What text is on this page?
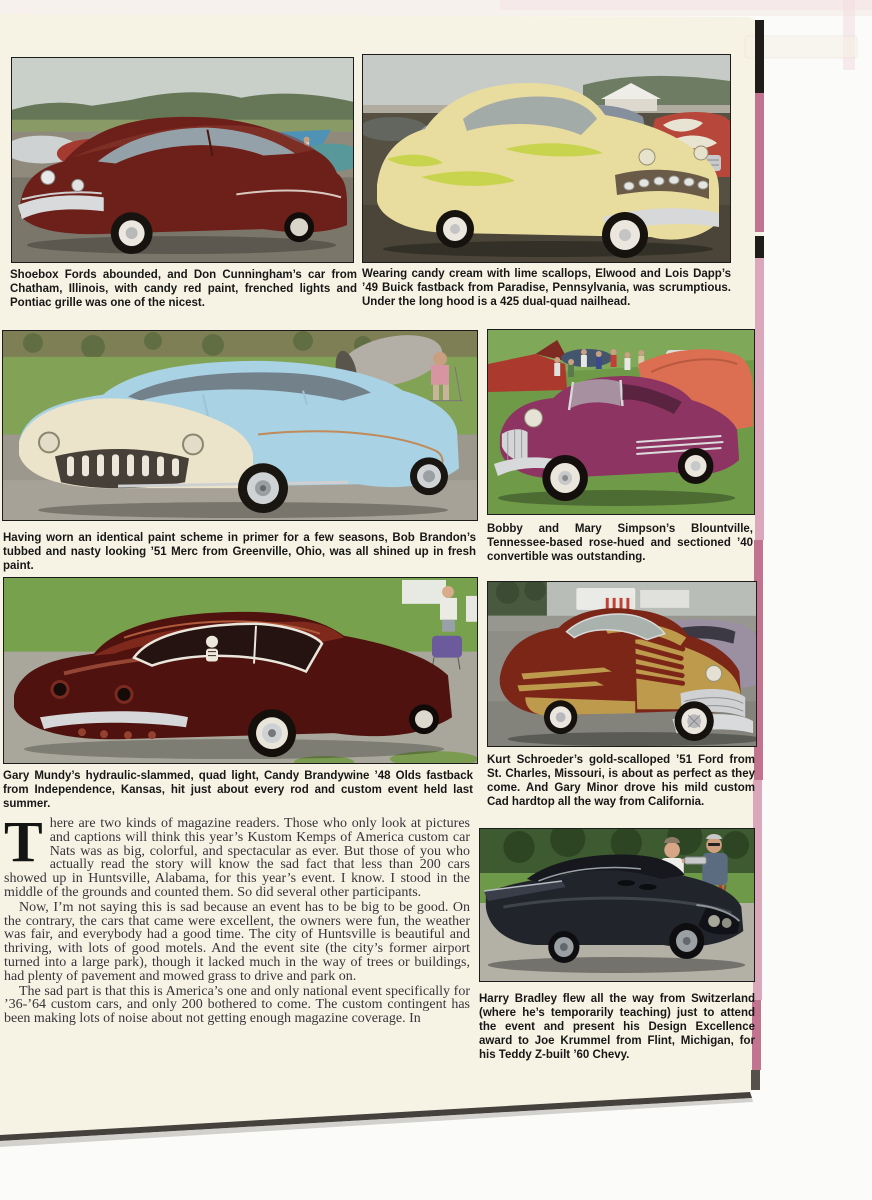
Shoebox Fords abounded, and Don Cunningham’s car from Chatham, Illinois, with candy red paint, frenched lights and Pontiac grille was one of the nicest.
Wearing candy cream with lime scallops, Elwood and Lois Dapp’s ’49 Buick fastback from Paradise, Pennsylvania, was scrumptious. Under the long hood is a 425 dual-quad nailhead.
Having worn an identical paint scheme in primer for a few seasons, Bob Brandon’s tubbed and nasty looking ’51 Merc from Greenville, Ohio, was all shined up in fresh paint.
Bobby and Mary Simpson’s Blountville, Tennessee-based rose-hued and sectioned ’40 convertible was outstanding.
Gary Mundy’s hydraulic-slammed, quad light, Candy Brandywine ’48 Olds fastback from Independence, Kansas, hit just about every rod and custom event held last summer.
Kurt Schroeder’s gold-scalloped ’51 Ford from St. Charles, Missouri, is about as perfect as they come. And Gary Minor drove his mild custom Cad hardtop all the way from California.
Harry Bradley flew all the way from Switzerland (where he’s temporarily teaching) just to attend the event and present his Design Excellence award to Joe Krummel from Flint, Michigan, for his Teddy Z-built ’60 Chevy.

There are two kinds of magazine readers. Those who only look at pictures and captions will think this year’s Kustom Kemps of America custom car Nats was as big, colorful, and spectacular as ever. But those of you who actually read the story will know the sad fact that less than 200 cars showed up in Huntsville, Alabama, for this year’s event. I know. I stood in the middle of the grounds and counted them. So did several other participants.

Now, I’m not saying this is sad because an event has to be big to be good. On the contrary, the cars that came were excellent, the owners were fun, the weather was fair, and everybody had a good time. The city of Huntsville is beautiful and thriving, with lots of good motels. And the event site (the city’s former airport turned into a large park), though it lacked much in the way of trees or buildings, had plenty of pavement and mowed grass to drive and park on.

The sad part is that this is America’s one and only national event specifically for ’36-’64 custom cars, and only 200 bothered to come. The custom contingent has been making lots of noise about not getting enough magazine coverage. In
